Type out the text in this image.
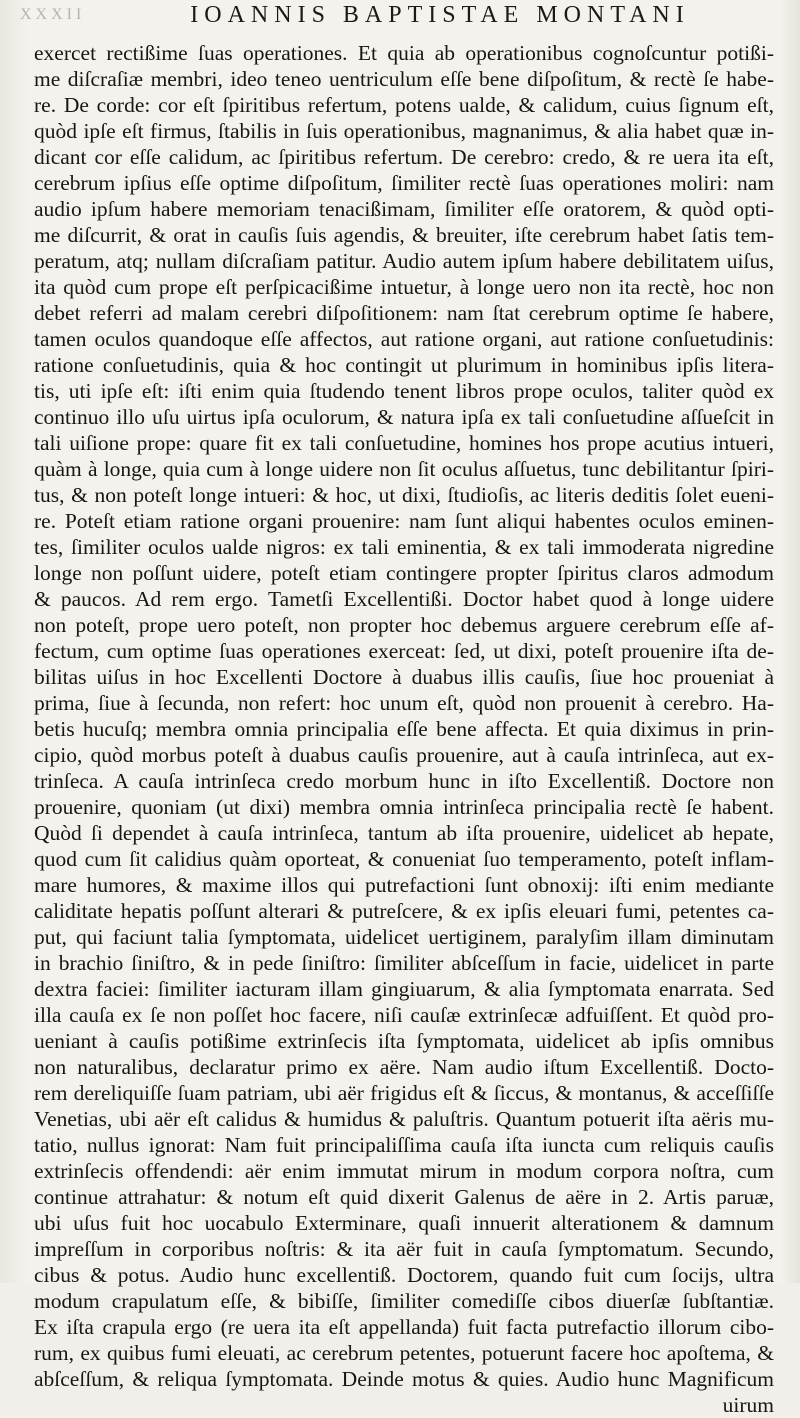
XXXII	IOANNIS BAPTISTAE MONTANI
exercet rectißime ſuas operationes. Et quia ab operationibus cognoſcuntur potißi-
me diſcraſiæ membri, ideo teneo uentriculum eſſe bene diſpoſitum, & rectè ſe habe-
re. De corde: cor eſt ſpiritibus refertum, potens ualde, & calidum, cuius ſignum eſt,
quòd ipſe eſt firmus, ſtabilis in ſuis operationibus, magnanimus, & alia habet quæ in-
dicant cor eſſe calidum, ac ſpiritibus refertum. De cerebro: credo, & re uera ita eſt,
cerebrum ipſius eſſe optime diſpoſitum, ſimiliter rectè ſuas operationes moliri: nam
audio ipſum habere memoriam tenacißimam, ſimiliter eſſe oratorem, & quòd opti-
me diſcurrit, & orat in cauſis ſuis agendis, & breuiter, iſte cerebrum habet ſatis tem-
peratum, atq; nullam diſcraſiam patitur. Audio autem ipſum habere debilitatem uiſus,
ita quòd cum prope eſt perſpicacißime intuetur, à longe uero non ita rectè, hoc non
debet referri ad malam cerebri diſpoſitionem: nam ſtat cerebrum optime ſe habere,
tamen oculos quandoque eſſe affectos, aut ratione organi, aut ratione conſuetudinis:
ratione conſuetudinis, quia & hoc contingit ut plurimum in hominibus ipſis litera-
tis, uti ipſe eſt: iſti enim quia ſtudendo tenent libros prope oculos, taliter quòd ex
continuo illo uſu uirtus ipſa oculorum, & natura ipſa ex tali conſuetudine aſſueſcit in
tali uiſione prope: quare fit ex tali conſuetudine, homines hos prope acutius intueri,
quàm à longe, quia cum à longe uidere non ſit oculus aſſuetus, tunc debilitantur ſpiri-
tus, & non poteſt longe intueri: & hoc, ut dixi, ſtudioſis, ac literis deditis ſolet eueni-
re. Poteſt etiam ratione organi prouenire: nam ſunt aliqui habentes oculos eminen-
tes, ſimiliter oculos ualde nigros: ex tali eminentia, & ex tali immoderata nigredine
longe non poſſunt uidere, poteſt etiam contingere propter ſpiritus claros admodum
& paucos. Ad rem ergo. Tametſi Excellentißi. Doctor habet quod à longe uidere
non poteſt, prope uero poteſt, non propter hoc debemus arguere cerebrum eſſe af-
fectum, cum optime ſuas operationes exerceat: ſed, ut dixi, poteſt prouenire iſta de-
bilitas uiſus in hoc Excellenti Doctore à duabus illis cauſis, ſiue hoc proueniat à
prima, ſiue à ſecunda, non refert: hoc unum eſt, quòd non prouenit à cerebro. Ha-
betis hucuſq; membra omnia principalia eſſe bene affecta. Et quia diximus in prin-
cipio, quòd morbus poteſt à duabus cauſis prouenire, aut à cauſa intrinſeca, aut ex-
trinſeca. A cauſa intrinſeca credo morbum hunc in iſto Excellentiß. Doctore non
prouenire, quoniam (ut dixi) membra omnia intrinſeca principalia rectè ſe habent.
Quòd ſi dependet à cauſa intrinſeca, tantum ab iſta prouenire, uidelicet ab hepate,
quod cum ſit calidius quàm oporteat, & conueniat ſuo temperamento, poteſt inflam-
mare humores, & maxime illos qui putrefactioni ſunt obnoxij: iſti enim mediante
caliditate hepatis poſſunt alterari & putreſcere, & ex ipſis eleuari fumi, petentes ca-
put, qui faciunt talia ſymptomata, uidelicet uertiginem, paralyſim illam diminutam
in brachio ſiniſtro, & in pede ſiniſtro: ſimiliter abſceſſum in facie, uidelicet in parte
dextra faciei: ſimiliter iacturam illam gingiuarum, & alia ſymptomata enarrata. Sed
illa cauſa ex ſe non poſſet hoc facere, niſi cauſæ extrinſecæ adfuiſſent. Et quòd pro-
ueniant à cauſis potißime extrinſecis iſta ſymptomata, uidelicet ab ipſis omnibus
non naturalibus, declaratur primo ex aëre. Nam audio iſtum Excellentiß. Docto-
rem dereliquiſſe ſuam patriam, ubi aër frigidus eſt & ſiccus, & montanus, & acceſſiſſe
Venetias, ubi aër eſt calidus & humidus & paluſtris. Quantum potuerit iſta aëris mu-
tatio, nullus ignorat: Nam fuit principaliſſima cauſa iſta iuncta cum reliquis cauſis
extrinſecis offendendi: aër enim immutat mirum in modum corpora noſtra, cum
continue attrahatur: & notum eſt quid dixerit Galenus de aëre in 2. Artis paruæ,
ubi uſus fuit hoc uocabulo Exterminare, quaſi innuerit alterationem & damnum
impreſſum in corporibus noſtris: & ita aër fuit in cauſa ſymptomatum. Secundo,
cibus & potus. Audio hunc excellentiß. Doctorem, quando fuit cum ſocijs, ultra
modum crapulatum eſſe, & bibiſſe, ſimiliter comediſſe cibos diuerſæ ſubſtantiæ.
Ex iſta crapula ergo (re uera ita eſt appellanda) fuit facta putrefactio illorum cibo-
rum, ex quibus fumi eleuati, ac cerebrum petentes, potuerunt facere hoc apoſtema, &
abſceſſum, & reliqua ſymptomata. Deinde motus & quies. Audio hunc Magnificum
uirum
